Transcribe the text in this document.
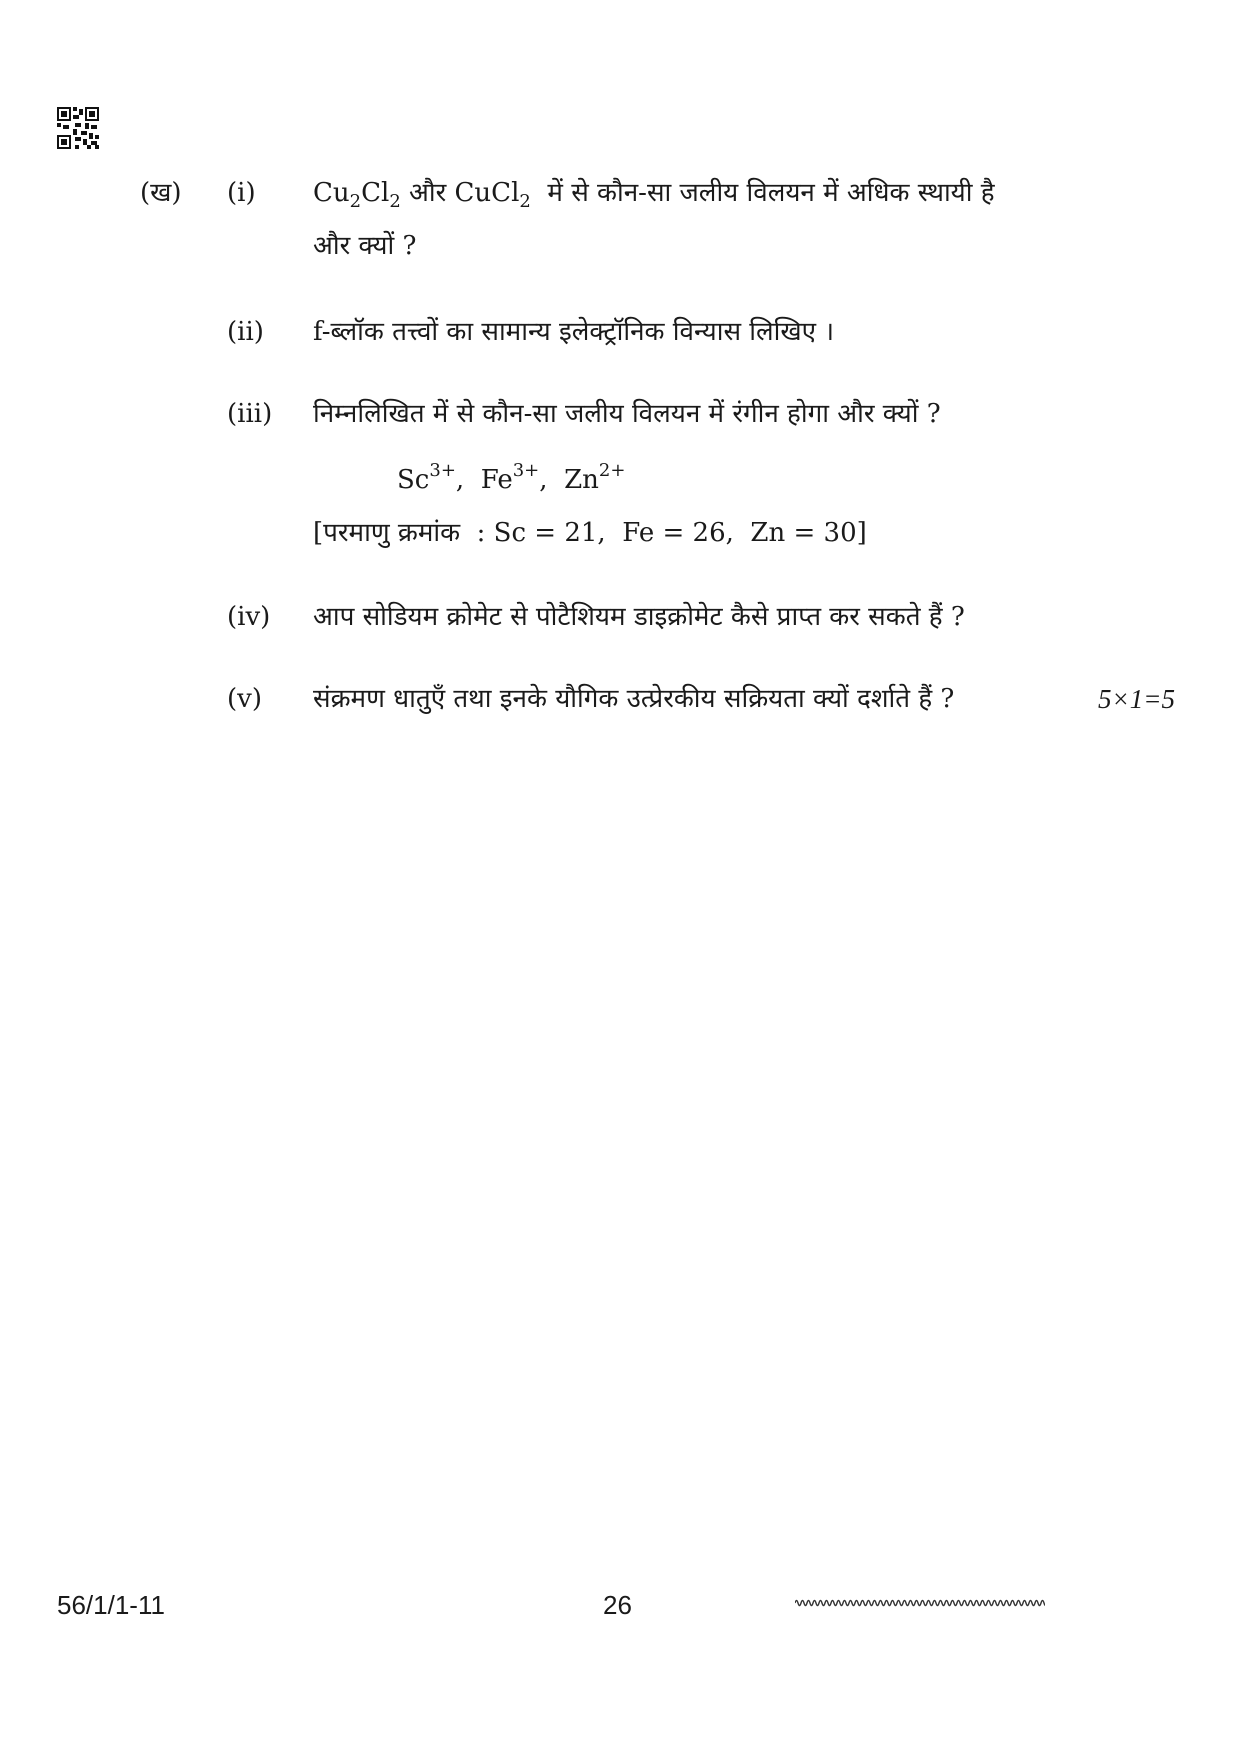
(ख) (i) $Cu_2Cl_2$ और CuCl$_2$ में से कौन-सा जलीय विलयन में अधिक स्थायी है
और क्यों ?
(ii) f-ब्लॉक तत्त्वों का सामान्य इलेक्ट्रॉनिक विन्यास लिखिए ।
(iii) निम्नलिखित में से कौन-सा जलीय विलयन में रंगीन होगा और क्यों ?
$Sc^{3+}$,  $Fe^{3+}$,  $Zn^{2+}$
[परमाणु क्रमांक  : Sc = 21,  Fe = 26,  Zn = 30]
(iv) आप सोडियम क्रोमेट से पोटैशियम डाइक्रोमेट कैसे प्राप्त कर सकते हैं ?
(v) संक्रमण धातुएँ तथा इनके यौगिक उत्प्रेरकीय सक्रियता क्यों दर्शाते हैं ?	5×1=5
56/1/1-11	26
